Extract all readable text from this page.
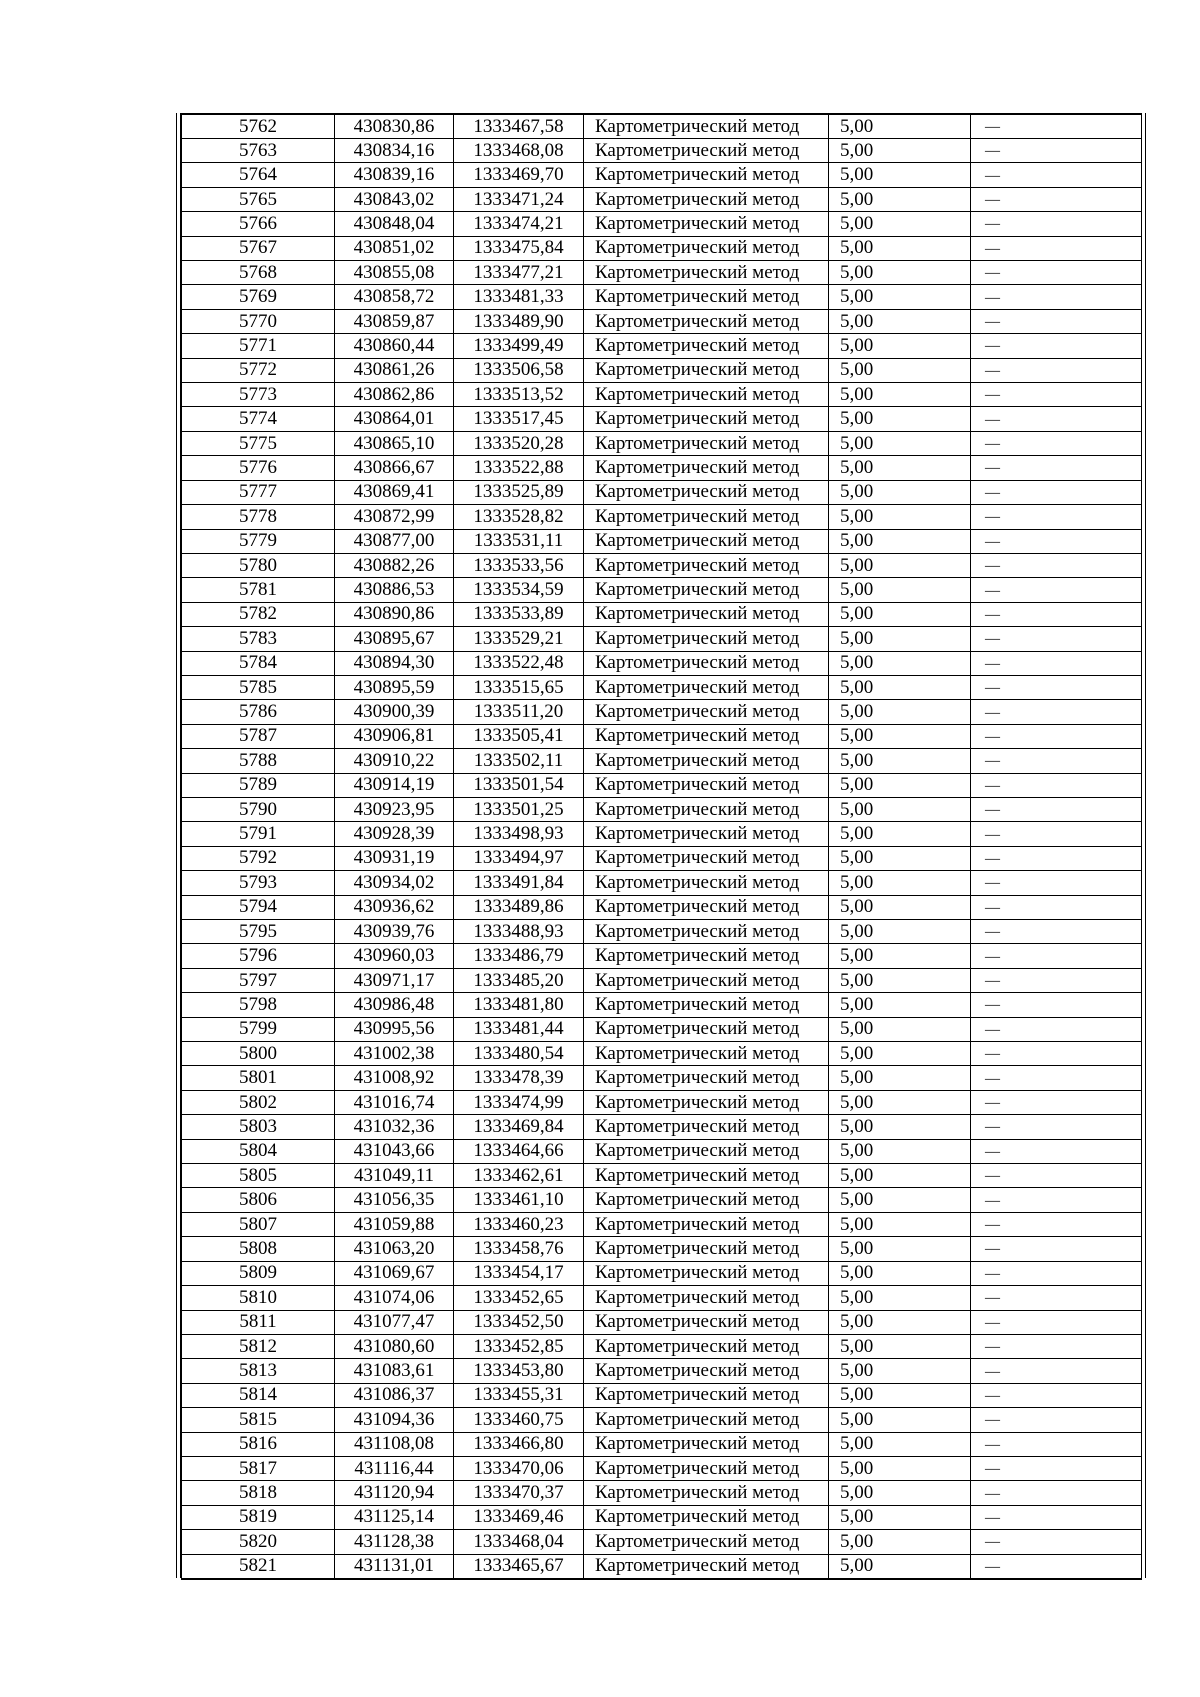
5762	430830,86	1333467,58	Картометрический метод	5,00	—
5763	430834,16	1333468,08	Картометрический метод	5,00	—
5764	430839,16	1333469,70	Картометрический метод	5,00	—
5765	430843,02	1333471,24	Картометрический метод	5,00	—
5766	430848,04	1333474,21	Картометрический метод	5,00	—
5767	430851,02	1333475,84	Картометрический метод	5,00	—
5768	430855,08	1333477,21	Картометрический метод	5,00	—
5769	430858,72	1333481,33	Картометрический метод	5,00	—
5770	430859,87	1333489,90	Картометрический метод	5,00	—
5771	430860,44	1333499,49	Картометрический метод	5,00	—
5772	430861,26	1333506,58	Картометрический метод	5,00	—
5773	430862,86	1333513,52	Картометрический метод	5,00	—
5774	430864,01	1333517,45	Картометрический метод	5,00	—
5775	430865,10	1333520,28	Картометрический метод	5,00	—
5776	430866,67	1333522,88	Картометрический метод	5,00	—
5777	430869,41	1333525,89	Картометрический метод	5,00	—
5778	430872,99	1333528,82	Картометрический метод	5,00	—
5779	430877,00	1333531,11	Картометрический метод	5,00	—
5780	430882,26	1333533,56	Картометрический метод	5,00	—
5781	430886,53	1333534,59	Картометрический метод	5,00	—
5782	430890,86	1333533,89	Картометрический метод	5,00	—
5783	430895,67	1333529,21	Картометрический метод	5,00	—
5784	430894,30	1333522,48	Картометрический метод	5,00	—
5785	430895,59	1333515,65	Картометрический метод	5,00	—
5786	430900,39	1333511,20	Картометрический метод	5,00	—
5787	430906,81	1333505,41	Картометрический метод	5,00	—
5788	430910,22	1333502,11	Картометрический метод	5,00	—
5789	430914,19	1333501,54	Картометрический метод	5,00	—
5790	430923,95	1333501,25	Картометрический метод	5,00	—
5791	430928,39	1333498,93	Картометрический метод	5,00	—
5792	430931,19	1333494,97	Картометрический метод	5,00	—
5793	430934,02	1333491,84	Картометрический метод	5,00	—
5794	430936,62	1333489,86	Картометрический метод	5,00	—
5795	430939,76	1333488,93	Картометрический метод	5,00	—
5796	430960,03	1333486,79	Картометрический метод	5,00	—
5797	430971,17	1333485,20	Картометрический метод	5,00	—
5798	430986,48	1333481,80	Картометрический метод	5,00	—
5799	430995,56	1333481,44	Картометрический метод	5,00	—
5800	431002,38	1333480,54	Картометрический метод	5,00	—
5801	431008,92	1333478,39	Картометрический метод	5,00	—
5802	431016,74	1333474,99	Картометрический метод	5,00	—
5803	431032,36	1333469,84	Картометрический метод	5,00	—
5804	431043,66	1333464,66	Картометрический метод	5,00	—
5805	431049,11	1333462,61	Картометрический метод	5,00	—
5806	431056,35	1333461,10	Картометрический метод	5,00	—
5807	431059,88	1333460,23	Картометрический метод	5,00	—
5808	431063,20	1333458,76	Картометрический метод	5,00	—
5809	431069,67	1333454,17	Картометрический метод	5,00	—
5810	431074,06	1333452,65	Картометрический метод	5,00	—
5811	431077,47	1333452,50	Картометрический метод	5,00	—
5812	431080,60	1333452,85	Картометрический метод	5,00	—
5813	431083,61	1333453,80	Картометрический метод	5,00	—
5814	431086,37	1333455,31	Картометрический метод	5,00	—
5815	431094,36	1333460,75	Картометрический метод	5,00	—
5816	431108,08	1333466,80	Картометрический метод	5,00	—
5817	431116,44	1333470,06	Картометрический метод	5,00	—
5818	431120,94	1333470,37	Картометрический метод	5,00	—
5819	431125,14	1333469,46	Картометрический метод	5,00	—
5820	431128,38	1333468,04	Картометрический метод	5,00	—
5821	431131,01	1333465,67	Картометрический метод	5,00	—
